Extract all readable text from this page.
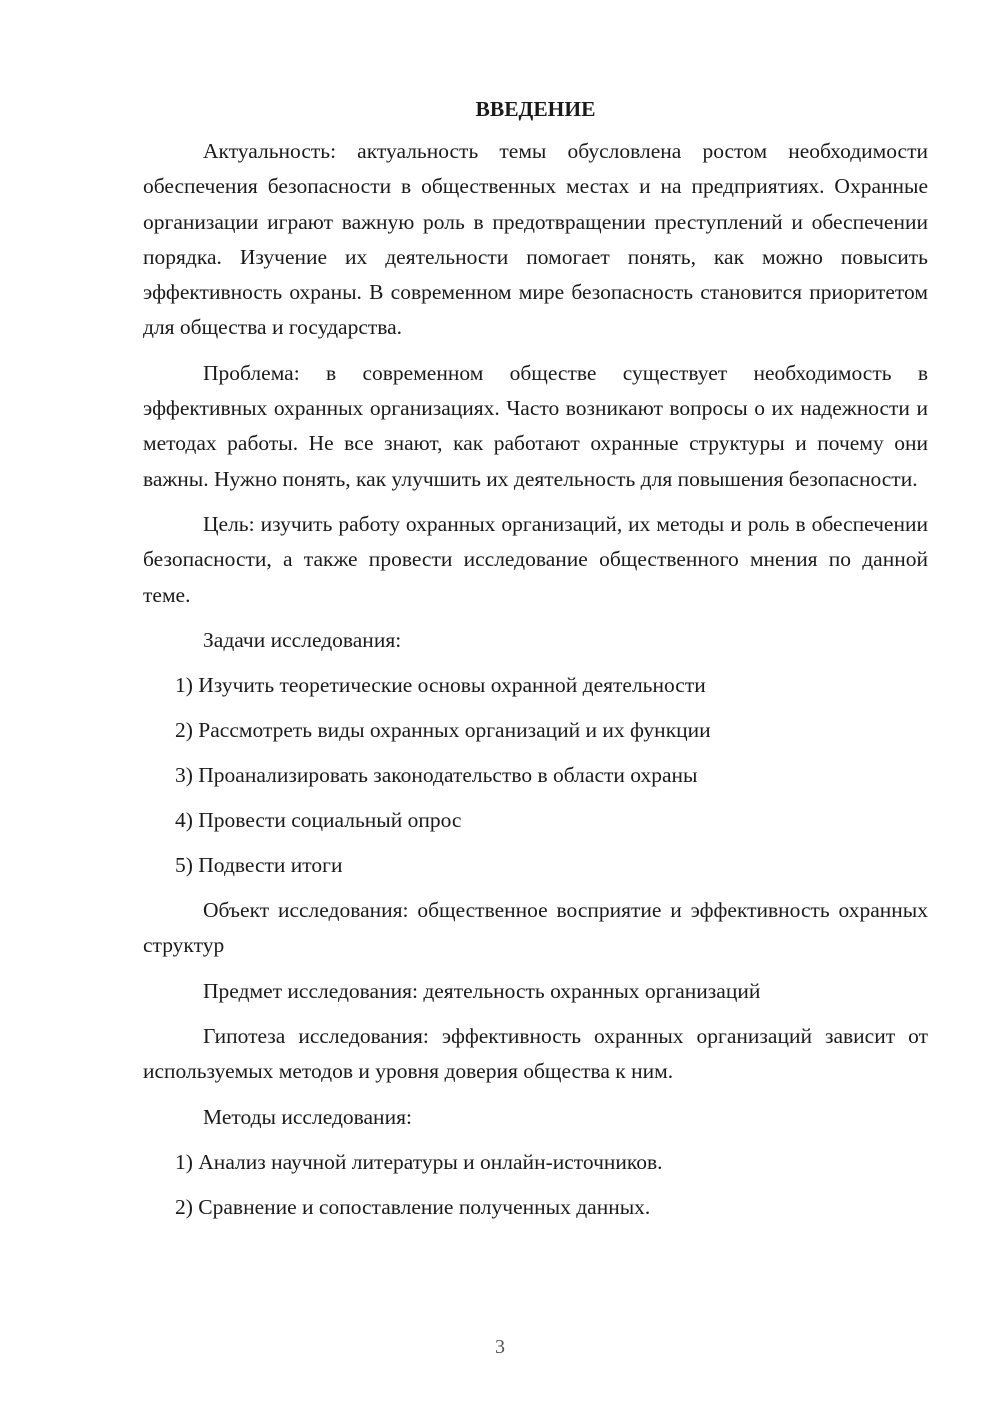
ВВЕДЕНИЕ

Актуальность: актуальность темы обусловлена ростом необходимости обеспечения безопасности в общественных местах и на предприятиях. Охранные организации играют важную роль в предотвращении преступлений и обеспечении порядка. Изучение их деятельности помогает понять, как можно повысить эффективность охраны. В современном мире безопасность становится приоритетом для общества и государства.

Проблема: в современном обществе существует необходимость в эффективных охранных организациях. Часто возникают вопросы о их надежности и методах работы. Не все знают, как работают охранные структуры и почему они важны. Нужно понять, как улучшить их деятельность для повышения безопасности.

Цель: изучить работу охранных организаций, их методы и роль в обеспечении безопасности, а также провести исследование общественного мнения по данной теме.

Задачи исследования:

1) Изучить теоретические основы охранной деятельности
2) Рассмотреть виды охранных организаций и их функции
3) Проанализировать законодательство в области охраны
4) Провести социальный опрос
5) Подвести итоги

Объект исследования: общественное восприятие и эффективность охранных структур

Предмет исследования: деятельность охранных организаций

Гипотеза исследования: эффективность охранных организаций зависит от используемых методов и уровня доверия общества к ним.

Методы исследования:

1) Анализ научной литературы и онлайн-источников.
2) Сравнение и сопоставление полученных данных.
3
